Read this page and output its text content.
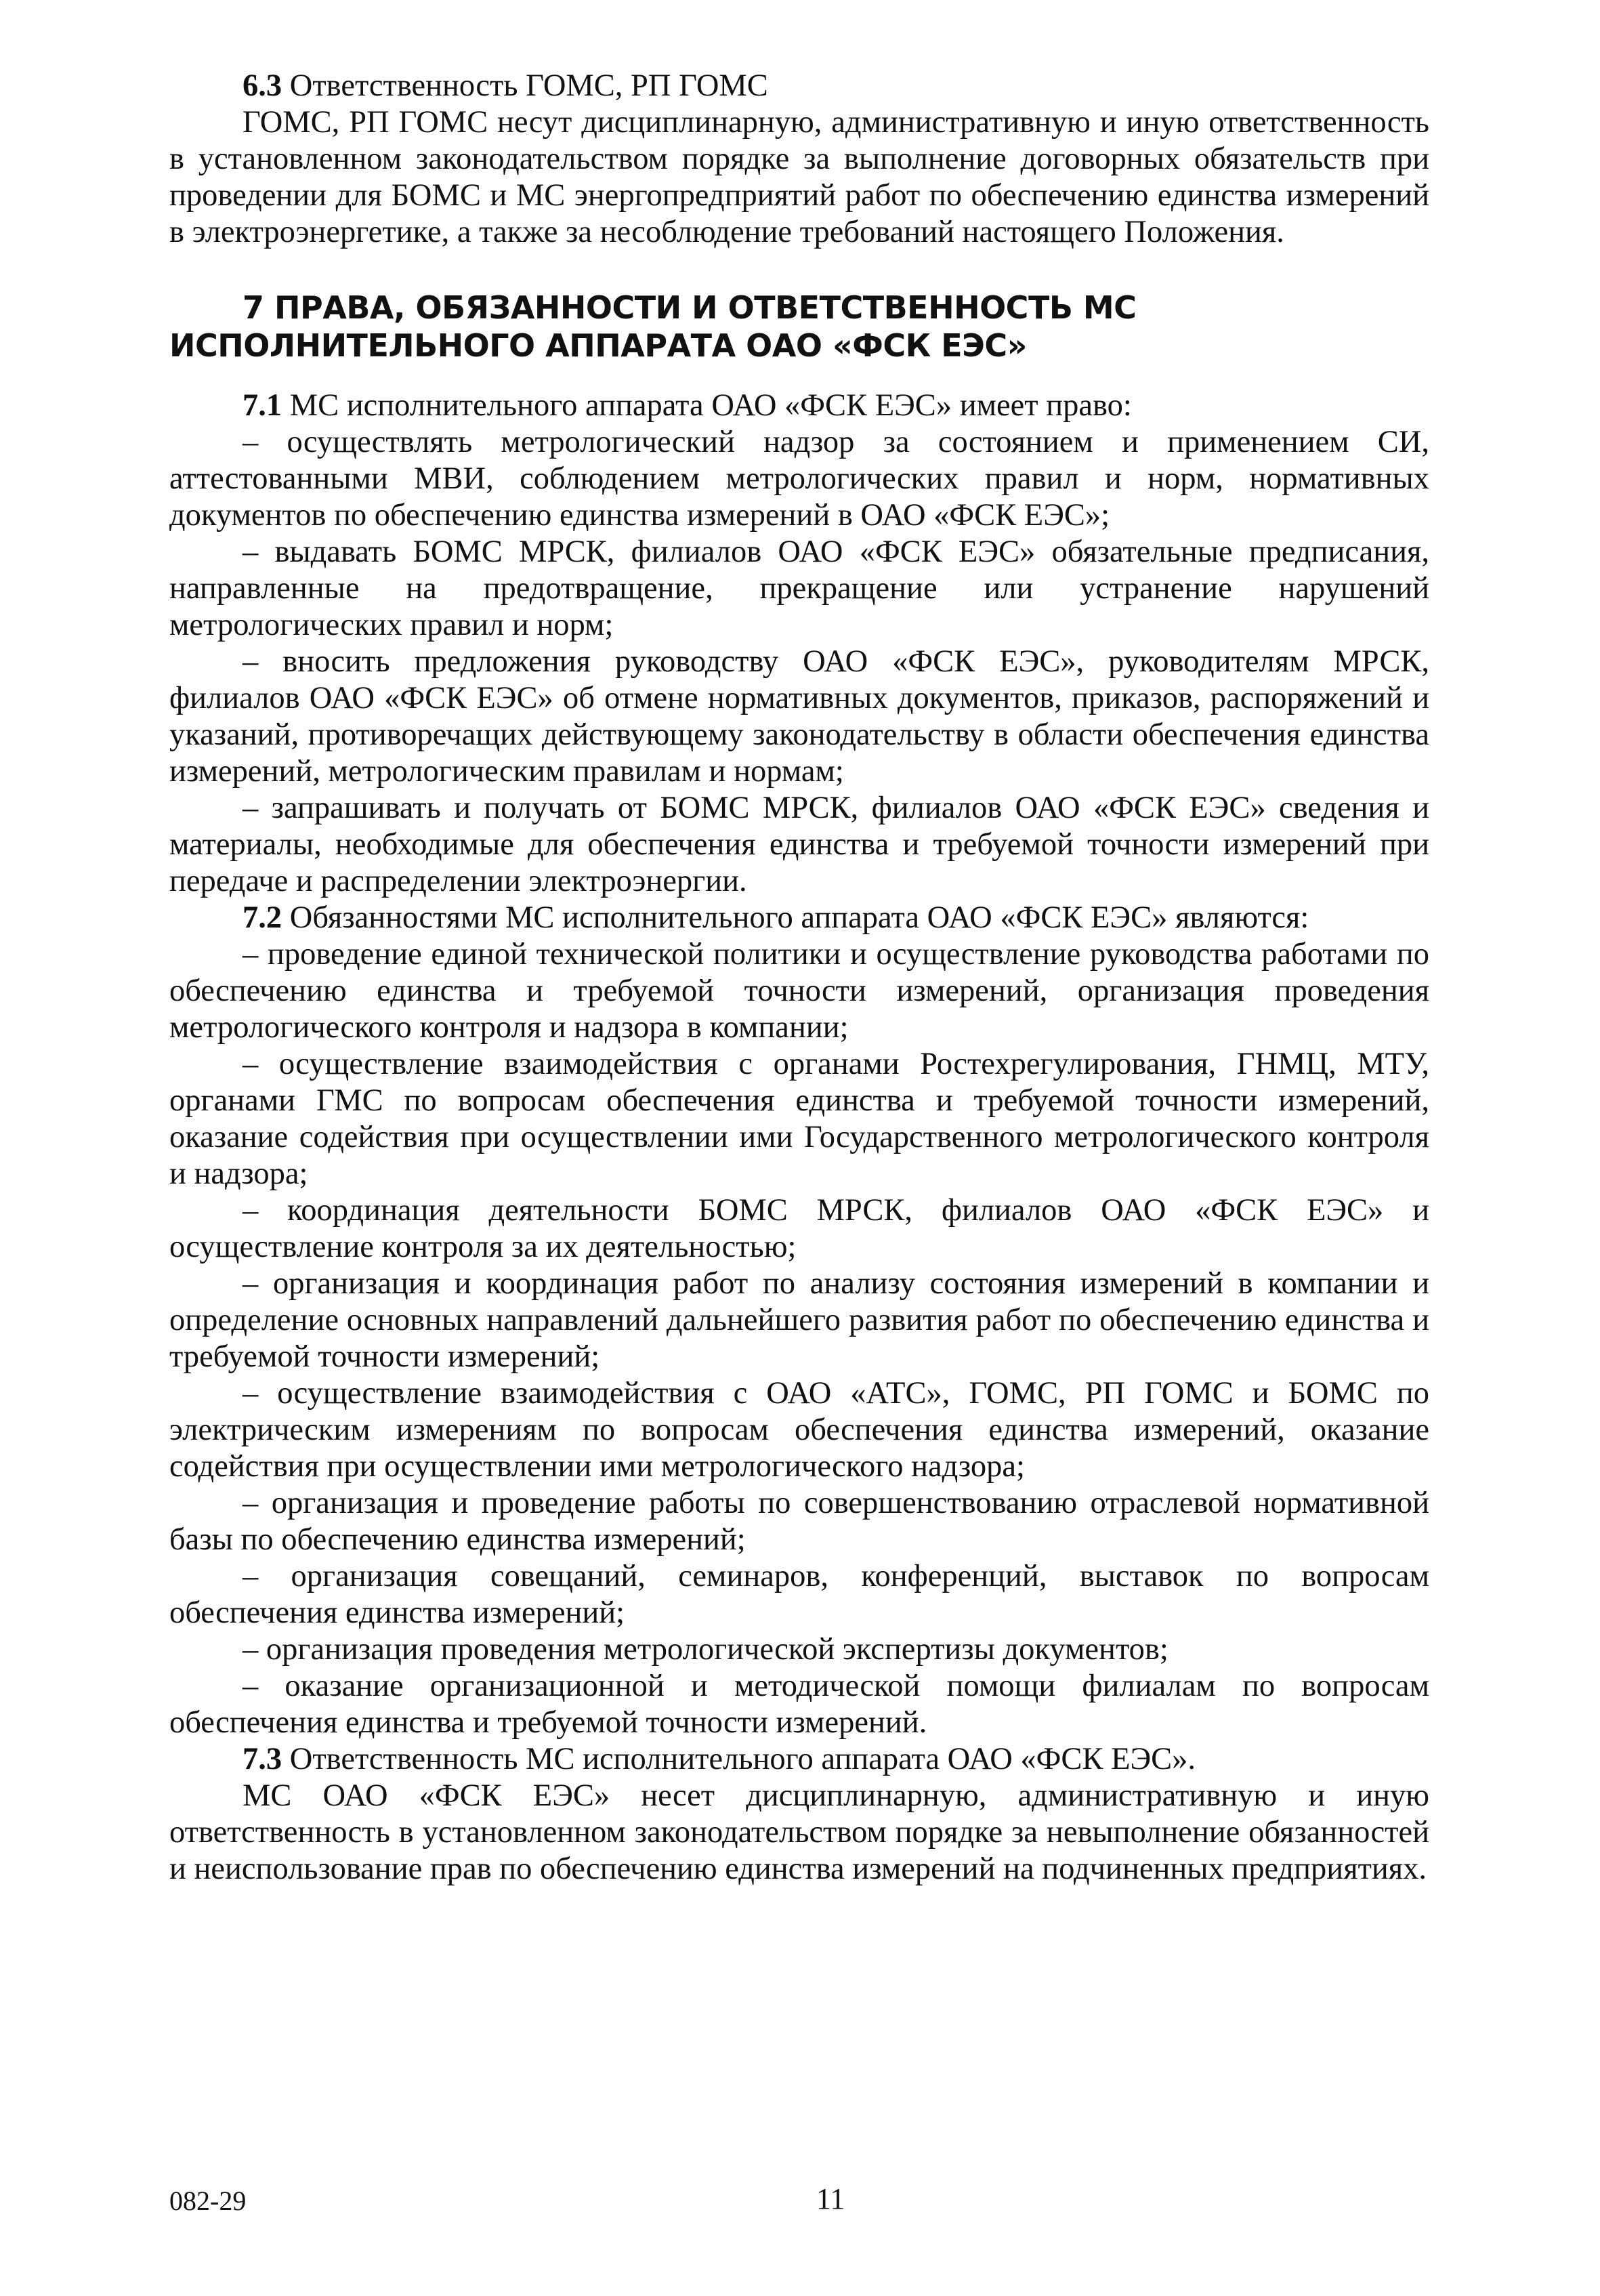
6.3 Ответственность ГОМС, РП ГОМС

ГОМС, РП ГОМС несут дисциплинарную, административную и иную ответственность в установленном законодательством порядке за выполнение договорных обязательств при проведении для БОМС и МС энергопредприятий работ по обеспечению единства измерений в электроэнергетике, а также за несоблюдение требований настоящего Положения.

7 ПРАВА, ОБЯЗАННОСТИ И ОТВЕТСТВЕННОСТЬ МС ИСПОЛНИТЕЛЬНОГО АППАРАТА ОАО «ФСК ЕЭС»

7.1 МС исполнительного аппарата ОАО «ФСК ЕЭС» имеет право:

– осуществлять метрологический надзор за состоянием и применением СИ, аттестованными МВИ, соблюдением метрологических правил и норм, нормативных документов по обеспечению единства измерений в ОАО «ФСК ЕЭС»;

– выдавать БОМС МРСК, филиалов ОАО «ФСК ЕЭС» обязательные предписания, направленные на предотвращение, прекращение или устранение нарушений метрологических правил и норм;

– вносить предложения руководству ОАО «ФСК ЕЭС», руководителям МРСК, филиалов ОАО «ФСК ЕЭС» об отмене нормативных документов, приказов, распоряжений и указаний, противоречащих действующему законодательству в области обеспечения единства измерений, метрологическим правилам и нормам;

– запрашивать и получать от БОМС МРСК, филиалов ОАО «ФСК ЕЭС» сведения и материалы, необходимые для обеспечения единства и требуемой точности измерений при передаче и распределении электроэнергии.

7.2 Обязанностями МС исполнительного аппарата ОАО «ФСК ЕЭС» являются:

– проведение единой технической политики и осуществление руководства работами по обеспечению единства и требуемой точности измерений, организация проведения метрологического контроля и надзора в компании;

– осуществление взаимодействия с органами Ростехрегулирования, ГНМЦ, МТУ, органами ГМС по вопросам обеспечения единства и требуемой точности измерений, оказание содействия при осуществлении ими Государственного метрологического контроля и надзора;

– координация деятельности БОМС МРСК, филиалов ОАО «ФСК ЕЭС» и осуществление контроля за их деятельностью;

– организация и координация работ по анализу состояния измерений в компании и определение основных направлений дальнейшего развития работ по обеспечению единства и требуемой точности измерений;

– осуществление взаимодействия с ОАО «АТС», ГОМС, РП ГОМС и БОМС по электрическим измерениям по вопросам обеспечения единства измерений, оказание содействия при осуществлении ими метрологического надзора;

– организация и проведение работы по совершенствованию отраслевой нормативной базы по обеспечению единства измерений;

– организация совещаний, семинаров, конференций, выставок по вопросам обеспечения единства измерений;

– организация проведения метрологической экспертизы документов;

– оказание организационной и методической помощи филиалам по вопросам обеспечения единства и требуемой точности измерений.

7.3 Ответственность МС исполнительного аппарата ОАО «ФСК ЕЭС».

МС ОАО «ФСК ЕЭС» несет дисциплинарную, административную и иную ответственность в установленном законодательством порядке за невыполнение обязанностей и неиспользование прав по обеспечению единства измерений на подчиненных предприятиях.

082-29	11
